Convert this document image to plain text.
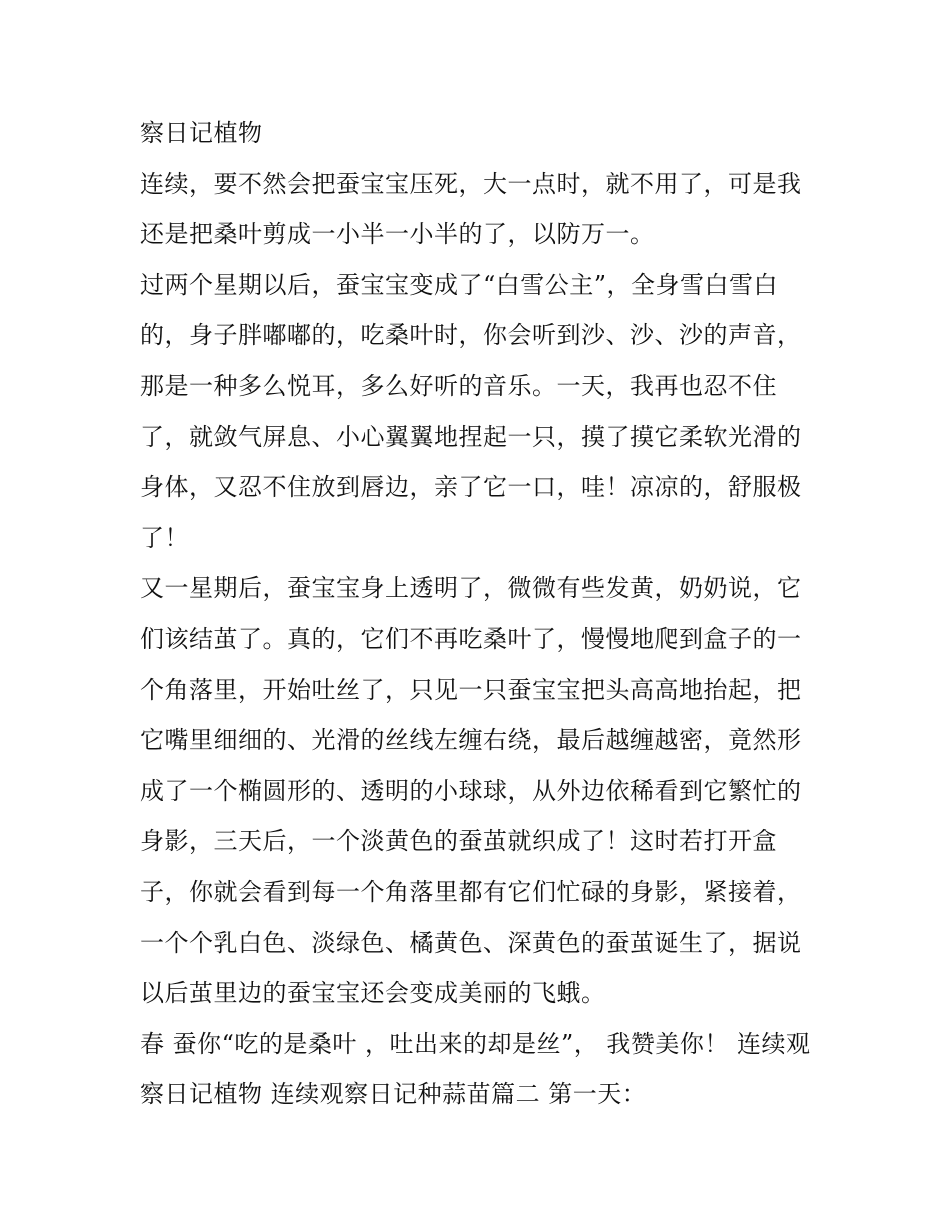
察日记植物
连续，要不然会把蚕宝宝压死，大一点时，就不用了，可是我
还是把桑叶剪成一小半一小半的了，以防万一。
过两个星期以后，蚕宝宝变成了“白雪公主”，全身雪白雪白
的，身子胖嘟嘟的，吃桑叶时，你会听到沙、沙、沙的声音，
那是一种多么悦耳，多么好听的音乐。一天，我再也忍不住
了，就敛气屏息、小心翼翼地捏起一只，摸了摸它柔软光滑的
身体，又忍不住放到唇边，亲了它一口，哇！凉凉的，舒服极
了！
又一星期后，蚕宝宝身上透明了，微微有些发黄，奶奶说，它
们该结茧了。真的，它们不再吃桑叶了，慢慢地爬到盒子的一
个角落里，开始吐丝了，只见一只蚕宝宝把头高高地抬起，把
它嘴里细细的、光滑的丝线左缠右绕，最后越缠越密，竟然形
成了一个椭圆形的、透明的小球球，从外边依稀看到它繁忙的
身影，三天后，一个淡黄色的蚕茧就织成了！这时若打开盒
子，你就会看到每一个角落里都有它们忙碌的身影，紧接着，
一个个乳白色、淡绿色、橘黄色、深黄色的蚕茧诞生了，据说
以后茧里边的蚕宝宝还会变成美丽的飞蛾。
春 蚕你“吃的是桑叶 ，吐出来的却是丝”， 我赞美你！ 连续观
察日记植物 连续观察日记种蒜苗篇二 第一天：
